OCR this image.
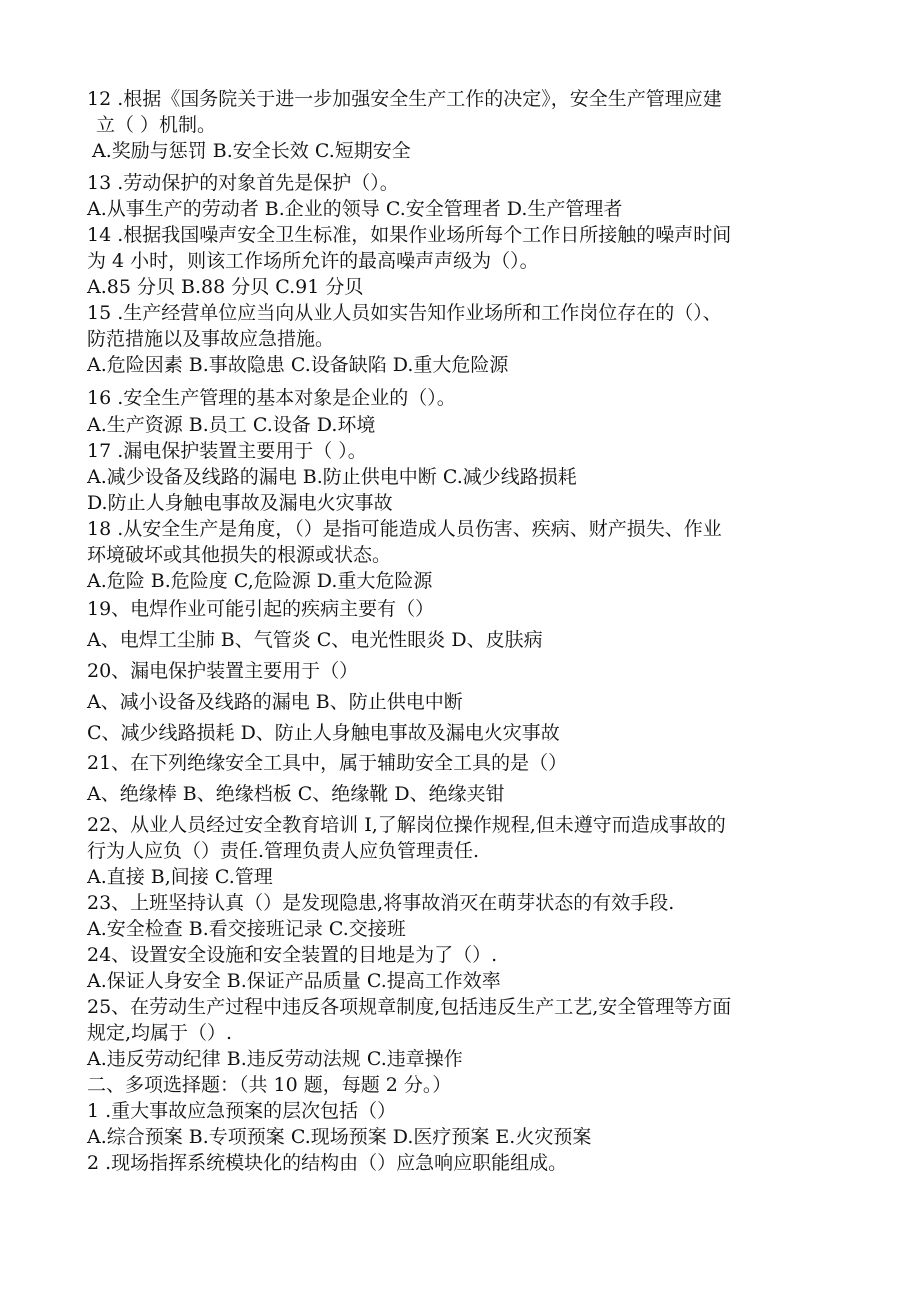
12 .根据《国务院关于进一步加强安全生产工作的决定》，安全生产管理应建
立（ ）机制。
A.奖励与惩罚 B.安全长效 C.短期安全
13 .劳动保护的对象首先是保护（）。
A.从事生产的劳动者 B.企业的领导 C.安全管理者 D.生产管理者
14 .根据我国噪声安全卫生标准，如果作业场所每个工作日所接触的噪声时间
为 4 小时，则该工作场所允许的最高噪声声级为（）。
A.85 分贝 B.88 分贝 C.91 分贝
15 .生产经营单位应当向从业人员如实告知作业场所和工作岗位存在的（）、
防范措施以及事故应急措施。
A.危险因素 B.事故隐患 C.设备缺陷 D.重大危险源
16 .安全生产管理的基本对象是企业的（）。
A.生产资源 B.员工 C.设备 D.环境
17 .漏电保护装置主要用于（ ）。
A.减少设备及线路的漏电 B.防止供电中断 C.减少线路损耗
D.防止人身触电事故及漏电火灾事故
18 .从安全生产是角度，（）是指可能造成人员伤害、疾病、财产损失、作业
环境破坏或其他损失的根源或状态。
A.危险 B.危险度 C,危险源 D.重大危险源
19、电焊作业可能引起的疾病主要有（）
A、电焊工尘肺 B、气管炎 C、电光性眼炎 D、皮肤病
20、漏电保护装置主要用于（）
A、减小设备及线路的漏电 B、防止供电中断
C、减少线路损耗 D、防止人身触电事故及漏电火灾事故
21、在下列绝缘安全工具中，属于辅助安全工具的是（）
A、绝缘棒 B、绝缘档板 C、绝缘靴 D、绝缘夹钳
22、从业人员经过安全教育培训 I,了解岗位操作规程,但未遵守而造成事故的
行为人应负（）责任.管理负责人应负管理责任.
A.直接 B,间接 C.管理
23、上班坚持认真（）是发现隐患,将事故消灭在萌芽状态的有效手段.
A.安全检查 B.看交接班记录 C.交接班
24、设置安全设施和安全装置的目地是为了（）.
A.保证人身安全 B.保证产品质量 C.提高工作效率
25、在劳动生产过程中违反各项规章制度,包括违反生产工艺,安全管理等方面
规定,均属于（）.
A.违反劳动纪律 B.违反劳动法规 C.违章操作
二、多项选择题：（共 10 题，每题 2 分。）
1 .重大事故应急预案的层次包括（）
A.综合预案 B.专项预案 C.现场预案 D.医疗预案 E.火灾预案
2 .现场指挥系统模块化的结构由（）应急响应职能组成。
